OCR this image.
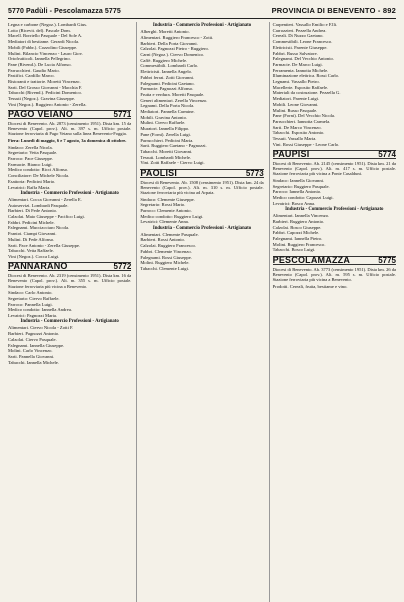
5770 Padùli - Pescolamazza 5775	PROVINCIA DI BENEVENTO - 892
Legna e carbone (Negoz.). Lombardi Gius.
Lotto (Ricevit. del). Pascale Dom.
Macell. Borriello Pasquale - Del Sole A.
Mediatori di bestiame. Gerardi Nicola.
Mobili (Fabbr.). Cozzolino Giuseppe.
Mulini. Bilancio Vincenzo - Lauro Giov.
Ortofrutticoli. Iannella Pellegrino.
Pane (Rivend.). De Lucia Alfonso.
Parrucchieri. Gaudio Mario.
Pastifici. Cardillo Marco.
Ristoranti e trattorie. Moretti Vincenzo.
Sarti. Del Grosso Giovanni - Macchia F.
Tabacchi (Rivend.). Pedicini Domenico.
Tessuti (Negoz.). Gravina Giuseppe.
Vini (Negoz.). Ruggiero Antonio - Zerella.
PAGO VEIANO	5771
Diocesi di Benevento. Ab. 2873 (censimento 1951). Dista km. 15 da Benevento (Capol. prov.). Alt. m. 397 s. m. Ufficio postale. Stazione ferroviaria di Pago Veiano sulla linea Benevento-Foggia.
Fiera: Lunedì di maggio, 6 e 7 agosto, 3a domenica di ottobre.
Sindaco: Zerella Nicola.
Segretario: Vetta Pasquale.
Parroco: Pace Giuseppe.
Farmacie. Bianco Luigi.
Medico condotto: Ricci Alfonso.
Conciliatore: De Michele Nicola.
Esattoria: Pedicini Mario.
Levatrici: Raffa Maria.
Industria - Commercio Professioni - Artigianato
Alimentari. Cocca Giovanni - Zerella E.
Autoservizi. Lombardi Pasquale.
Barbieri. Di Fede Antonio.
Calzolai. Maio Giuseppe - Pacifico Luigi.
Fabbri. Pedicini Michele.
Falegnami. Mucciacciaro Nicola.
Frantoi. Ciampi Giovanni.
Mulini. Di Fede Alfonso.
Sarti. Pace Antonio - Zerella Giuseppe.
Tabacchi. Vetta Raffaele.
Vini (Negoz.). Cocca Luigi.
PANNARANO	5772
Diocesi di Benevento. Ab. 2319 (censimento 1951). Dista km. 16 da Benevento (Capol. prov.). Alt. m. 355 s. m. Ufficio postale. Stazione ferroviaria più vicina a Benevento.
Sindaco: Carlo Antonio.
Segretario: Ciervo Raffaele.
Parroco: Pannella Luigi.
Medico condotto: Iannella Andrea.
Levatrici: Pagnozzi Maria.
Industria - Commercio Professioni - Artigianato
Alimentari. Ciervo Nicola - Zotti F.
Barbieri. Pagnozzi Antonio.
Calzolai. Ciervo Pasquale.
Falegnami. Iannella Giuseppe.
Molini. Carlo Vincenzo.
Sarti. Pannella Giovanni.
Tabacchi. Iannella Michele.
Industria - Commercio Professioni - Artigianato
Alberghi. Moretti Antonio.
Alimentari. Ruggiero Francesco - Zotti.
Barbieri. Della Porta Giovanni.
Calzolai. Pagnozzi Pietro - Ruggiero.
Carni (Negoz.). Ciervo Domenico.
Caffè. Ruggiero Michele.
Commestibili. Lombardi Carlo.
Elettricisti. Iannella Angelo.
Fabbri ferrai. Zotti Giovanni.
Falegnami. Pedicini Gaetano.
Farmacie. Pagnozzi Alfonso.
Frutta e verdura. Moretti Pasquale.
Generi alimentari. Zerella Vincenzo.
Legnami. Della Porta Nicola.
Mediatori. Pannella Carmine.
Mobili. Gravina Antonio.
Mulini. Ciervo Raffaele.
Muratori. Iannella Filippo.
Pane (Forni). Zerella Luigi.
Parrucchieri. Pedicini Maria.
Sarti. Ruggiero Gaetano - Pagnozzi.
Tabacchi. Moretti Giovanni.
Tessuti. Lombardi Michele.
Vini. Zotti Raffaele - Ciervo Luigi.
PAOLISI	5773
Diocesi di Benevento. Ab. 1508 (censimento 1951). Dista km. 24 da Benevento (Capol. prov.). Alt. m. 310 s. m. Ufficio postale. Stazione ferroviaria più vicina ad Arpaia.
Sindaco: Clemente Giuseppe.
Segretario: Rossi Mario.
Parroco: Clemente Antonio.
Medico condotto: Ruggiero Luigi.
Levatrici: Clemente Anna.
Industria - Commercio Professioni - Artigianato
Alimentari. Clemente Pasquale.
Barbieri. Rossi Antonio.
Calzolai. Ruggiero Francesco.
Fabbri. Clemente Vincenzo.
Falegnami. Rossi Giuseppe.
Molini. Ruggiero Michele.
Tabacchi. Clemente Luigi.
Carpentieri. Vassallo Emilio e F.lli.
Carrozzieri. Pezzella Andrea.
Cereali. Di Nuzzo Gaetano.
Commestibili. Leone Francesco.
Elettricisti. Parente Giuseppe.
Fabbri. Russo Salvatore.
Falegnami. Del Vecchio Antonio.
Farmacie. De Marco Luigi.
Ferramenta. Iannotta Michele.
Illuminazione elettrica. Rossi Carlo.
Legnami. Vassallo Pietro.
Macellerie. Esposito Raffaele.
Materiali da costruzione. Pezzella G.
Mediatori. Parente Luigi.
Mobili. Leone Giovanni.
Mulini. Russo Pasquale.
Pane (Forni). Del Vecchio Nicola.
Parrucchieri. Iannotta Carmela.
Sarti. De Marco Vincenzo.
Tabacchi. Esposito Antonio.
Tessuti. Vassallo Maria.
Vini. Rossi Giuseppe - Leone Carlo.
PAUPISI	5774
Diocesi di Benevento. Ab. 2145 (censimento 1951). Dista km. 21 da Benevento (Capol. prov.). Alt. m. 417 s. m. Ufficio postale. Stazione ferroviaria più vicina a Ponte Casalduni.
Sindaco: Iannella Giovanni.
Segretario: Ruggiero Pasquale.
Parroco: Iannella Antonio.
Medico condotto: Capozzi Luigi.
Levatrici: Bosco Anna.
Industria - Commercio Professioni - Artigianato
Alimentari. Iannella Vincenzo.
Barbieri. Ruggiero Antonio.
Calzolai. Bosco Giuseppe.
Fabbri. Capozzi Michele.
Falegnami. Iannella Pietro.
Molini. Ruggiero Francesco.
Tabacchi. Bosco Luigi.
PESCOLAMAZZA	5775
Diocesi di Benevento. Ab. 3773 (censimento 1951). Dista km. 26 da Benevento (Capol. prov.). Alt. m. 595 s. m. Ufficio postale. Stazione ferroviaria più vicina a Benevento.
Prodotti. Cereali, frutta, bestiame e vino.
